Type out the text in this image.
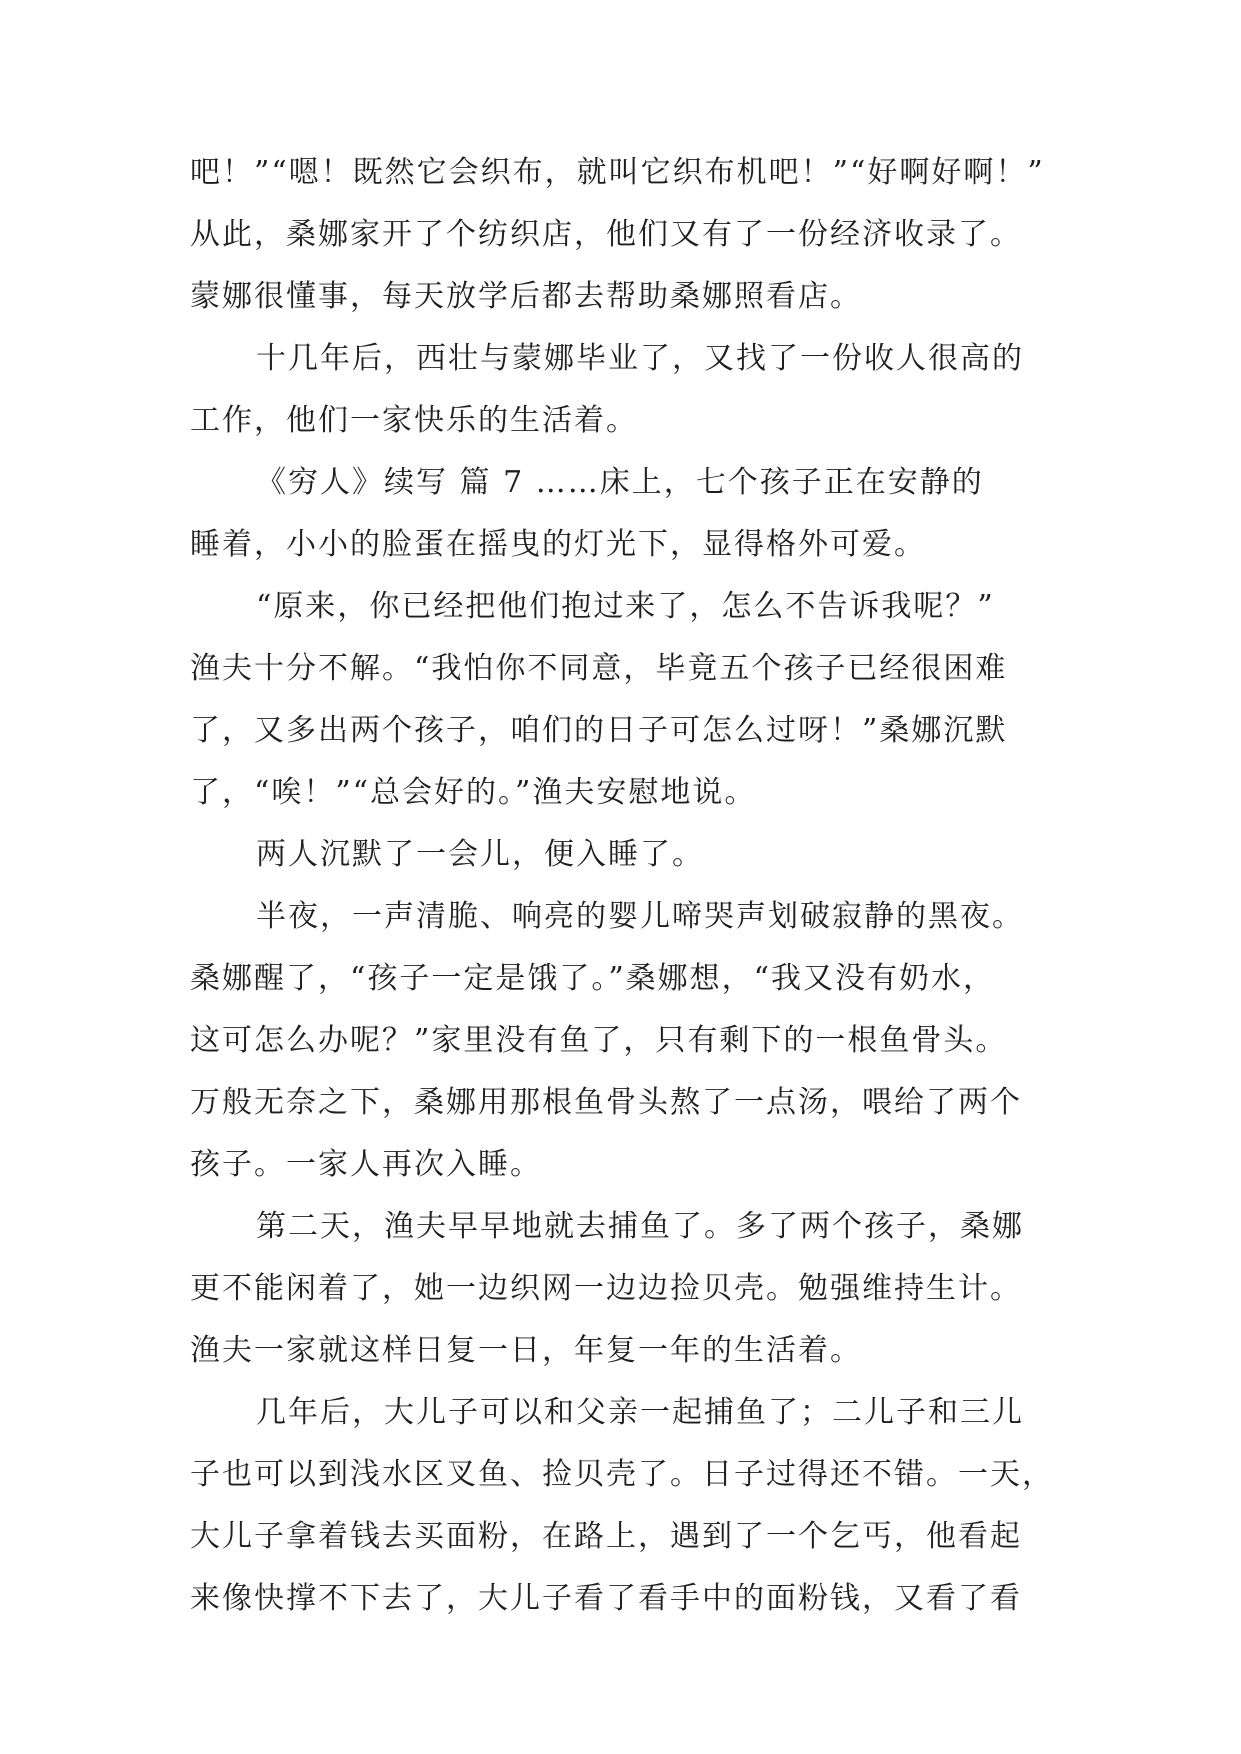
吧！”“嗯！既然它会织布，就叫它织布机吧！”“好啊好啊！”
从此，桑娜家开了个纺织店，他们又有了一份经济收录了。
蒙娜很懂事，每天放学后都去帮助桑娜照看店。
十几年后，西壮与蒙娜毕业了，又找了一份收人很高的
工作，他们一家快乐的生活着。
《穷人》续写 篇 7 ……床上，七个孩子正在安静的
睡着，小小的脸蛋在摇曳的灯光下，显得格外可爱。
“原来，你已经把他们抱过来了，怎么不告诉我呢？”
渔夫十分不解。“我怕你不同意，毕竟五个孩子已经很困难
了，又多出两个孩子，咱们的日子可怎么过呀！”桑娜沉默
了，“唉！”“总会好的。”渔夫安慰地说。
两人沉默了一会儿，便入睡了。
半夜，一声清脆、响亮的婴儿啼哭声划破寂静的黑夜。
桑娜醒了，“孩子一定是饿了。”桑娜想，“我又没有奶水，
这可怎么办呢？”家里没有鱼了，只有剩下的一根鱼骨头。
万般无奈之下，桑娜用那根鱼骨头熬了一点汤，喂给了两个
孩子。一家人再次入睡。
第二天，渔夫早早地就去捕鱼了。多了两个孩子，桑娜
更不能闲着了，她一边织网一边边捡贝壳。勉强维持生计。
渔夫一家就这样日复一日，年复一年的生活着。
几年后，大儿子可以和父亲一起捕鱼了；二儿子和三儿
子也可以到浅水区叉鱼、捡贝壳了。日子过得还不错。一天，
大儿子拿着钱去买面粉，在路上，遇到了一个乞丐，他看起
来像快撑不下去了，大儿子看了看手中的面粉钱，又看了看
